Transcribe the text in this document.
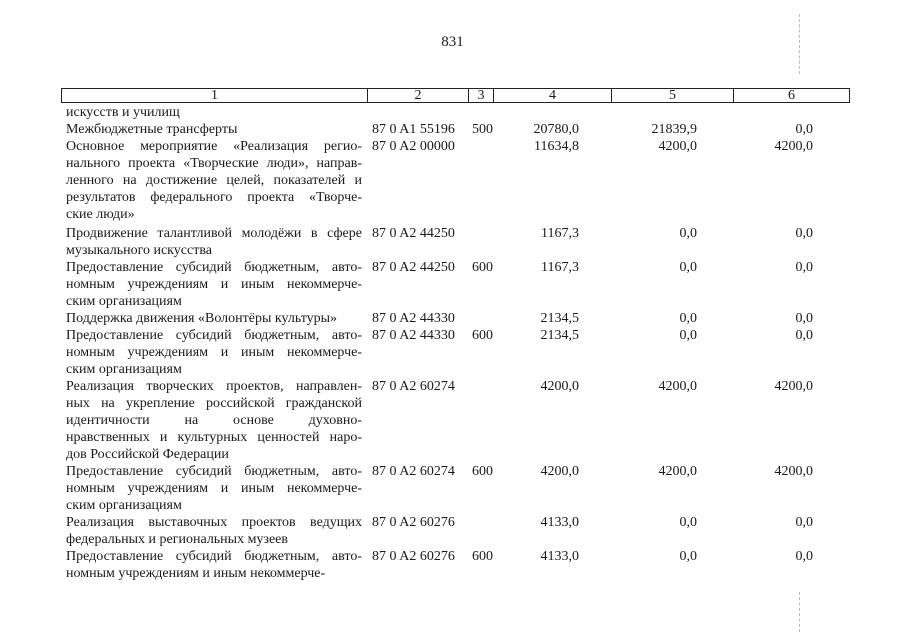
831
1	2	3	4	5	6
искусств и училищ
Межбюджетные трансферты	87 0 A1 55196 500	20780,0	21839,9	0,0
Основное мероприятие «Реализация регио-
нального проекта «Творческие люди», направ-
ленного на достижение целей, показателей и
результатов федерального проекта «Творче-
ские люди»
87 0 A2 00000	11634,8	4200,0	4200,0
Продвижение талантливой молодёжи в сфере
музыкального искусства
87 0 A2 44250	1167,3	0,0	0,0
Предоставление субсидий бюджетным, авто-
номным учреждениям и иным некоммерче-
ским организациям
87 0 A2 44250 600	1167,3	0,0	0,0
Поддержка движения «Волонтёры культуры»	87 0 A2 44330	2134,5	0,0	0,0
Предоставление субсидий бюджетным, авто-
номным учреждениям и иным некоммерче-
ским организациям
87 0 A2 44330 600	2134,5	0,0	0,0
Реализация творческих проектов, направлен-
ных на укрепление российской гражданской
идентичности на основе духовно-
нравственных и культурных ценностей наро-
дов Российской Федерации
87 0 A2 60274	4200,0	4200,0	4200,0
Предоставление субсидий бюджетным, авто-
номным учреждениям и иным некоммерче-
ским организациям
87 0 A2 60274 600	4200,0	4200,0	4200,0
Реализация выставочных проектов ведущих
федеральных и региональных музеев
87 0 A2 60276	4133,0	0,0	0,0
Предоставление субсидий бюджетным, авто-
номным учреждениям и иным некоммерче-
87 0 A2 60276 600	4133,0	0,0	0,0
